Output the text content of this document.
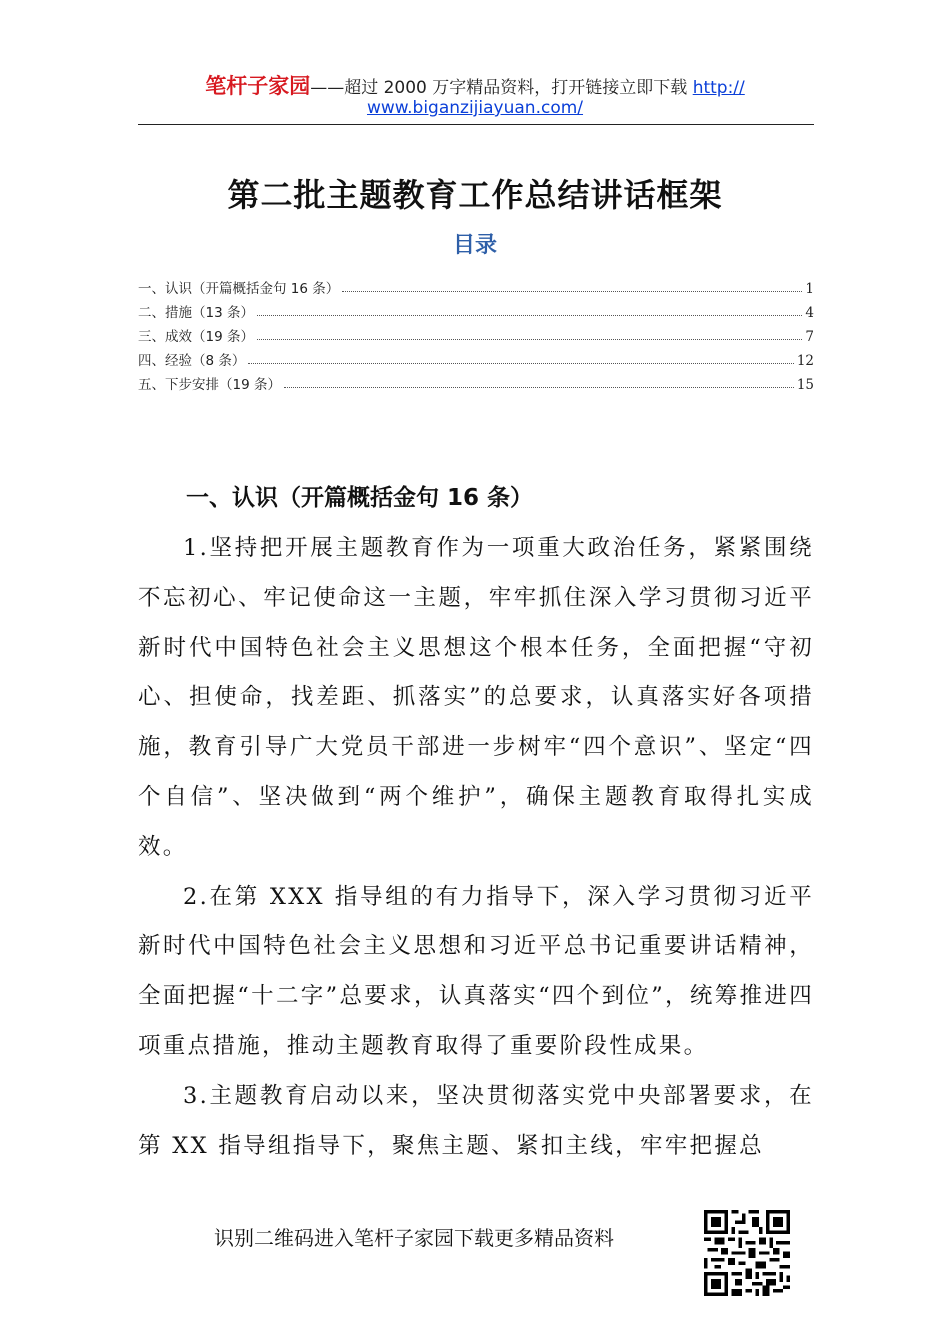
笔杆子家园——超过 2000 万字精品资料，打开链接立即下载 http://
www.biganzijiayuan.com/
第二批主题教育工作总结讲话框架
目录
一、认识（开篇概括金句 16 条）	1
二、措施（13 条）	4
三、成效（19 条）	7
四、经验（8 条）	12
五、下步安排（19 条）	15
一、认识（开篇概括金句 16 条）

1.坚持把开展主题教育作为一项重大政治任务，紧紧围绕不忘初心、牢记使命这一主题，牢牢抓住深入学习贯彻习近平新时代中国特色社会主义思想这个根本任务，全面把握“守初心、担使命，找差距、抓落实”的总要求，认真落实好各项措施，教育引导广大党员干部进一步树牢“四个意识”、坚定“四个自信”、坚决做到“两个维护”，确保主题教育取得扎实成效。

2.在第 XXX 指导组的有力指导下，深入学习贯彻习近平新时代中国特色社会主义思想和习近平总书记重要讲话精神，全面把握“十二字”总要求，认真落实“四个到位”，统筹推进四项重点措施，推动主题教育取得了重要阶段性成果。

3.主题教育启动以来，坚决贯彻落实党中央部署要求，在第 XX 指导组指导下，聚焦主题、紧扣主线，牢牢把握总

识别二维码进入笔杆子家园下载更多精品资料
